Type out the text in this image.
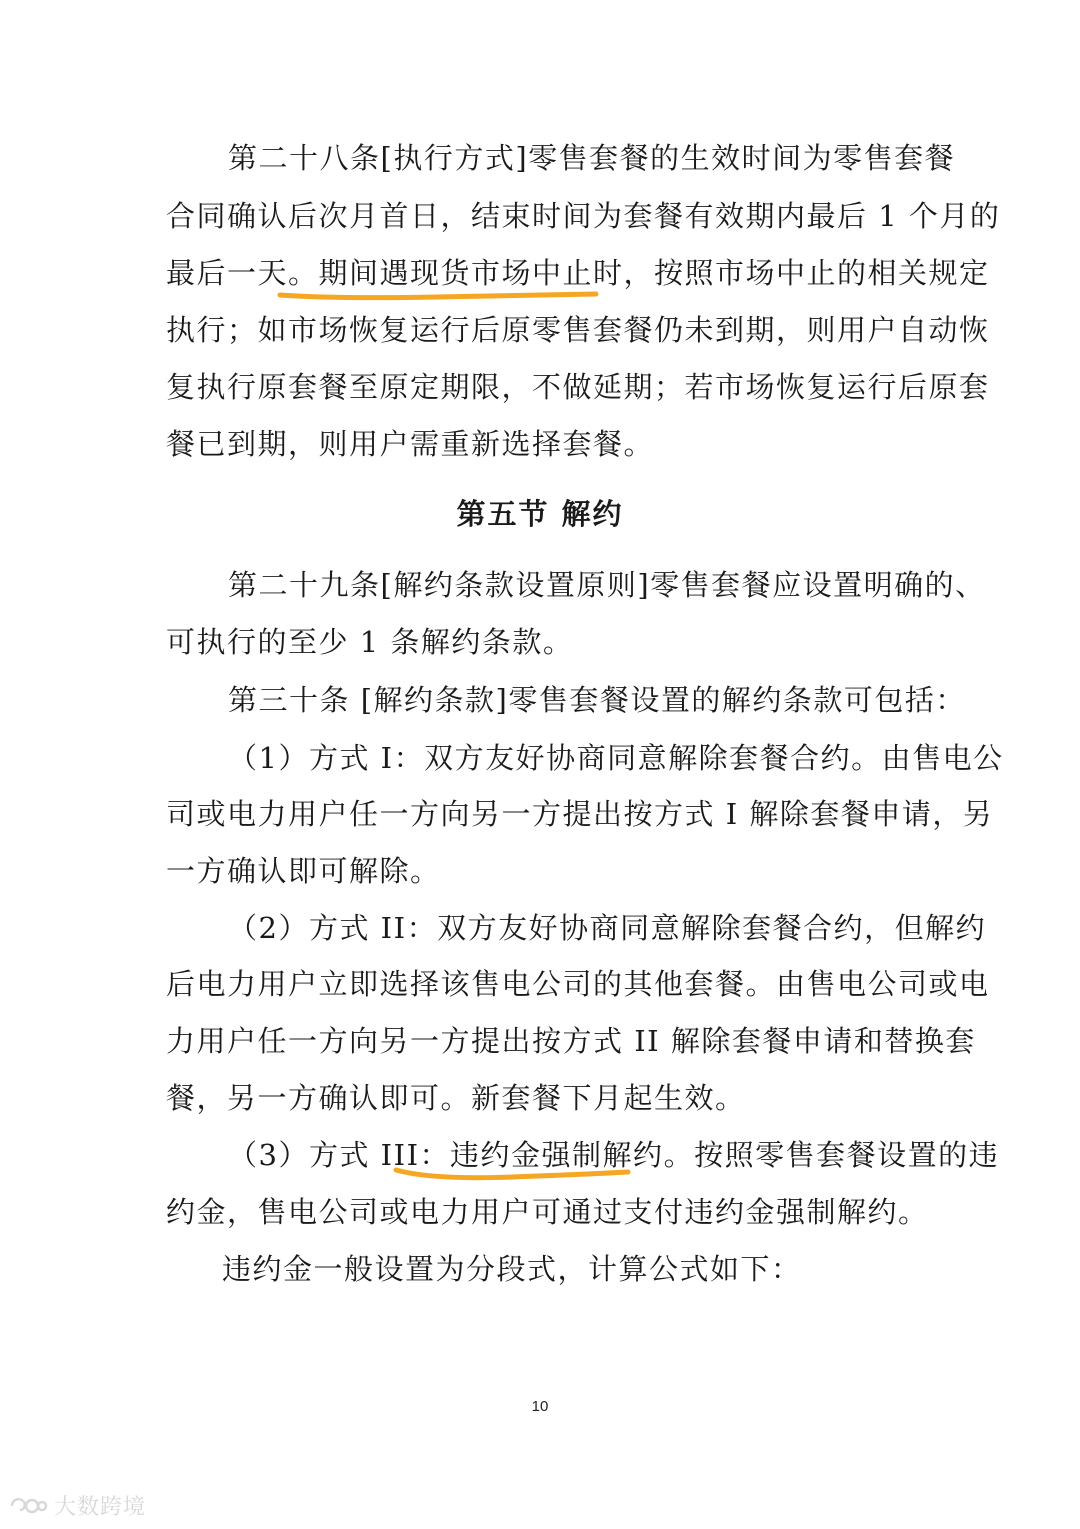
第二十八条[执行方式]零售套餐的生效时间为零售套餐
合同确认后次月首日，结束时间为套餐有效期内最后 1 个月的
最后一天。期间遇现货市场中止时，按照市场中止的相关规定
执行；如市场恢复运行后原零售套餐仍未到期，则用户自动恢
复执行原套餐至原定期限，不做延期；若市场恢复运行后原套
餐已到期，则用户需重新选择套餐。
第五节 解约
第二十九条[解约条款设置原则]零售套餐应设置明确的、
可执行的至少 1 条解约条款。
第三十条 [解约条款]零售套餐设置的解约条款可包括：
（1）方式 I：双方友好协商同意解除套餐合约。由售电公
司或电力用户任一方向另一方提出按方式 I 解除套餐申请，另
一方确认即可解除。
（2）方式 II：双方友好协商同意解除套餐合约，但解约
后电力用户立即选择该售电公司的其他套餐。由售电公司或电
力用户任一方向另一方提出按方式 II 解除套餐申请和替换套
餐，另一方确认即可。新套餐下月起生效。
（3）方式 III：违约金强制解约。按照零售套餐设置的违
约金，售电公司或电力用户可通过支付违约金强制解约。
违约金一般设置为分段式，计算公式如下：
10
大数跨境
